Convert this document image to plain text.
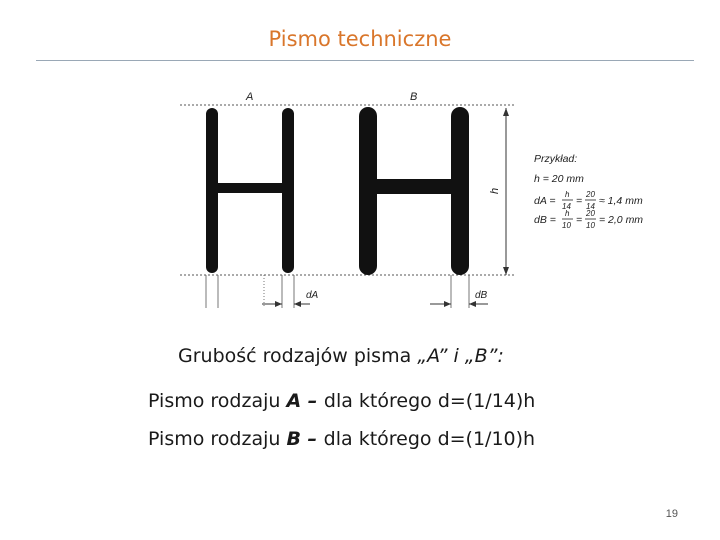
Pismo techniczne
A	B
h
dA	dB
Przykład:
h = 20 mm
dA =
h
14 =
20
14 ≈ 1,4 mm
dB =
h
10 =
20
10 = 2,0 mm
Grubość rodzajów pisma „A” i „B”:
Pismo rodzaju A – dla którego d=(1/14)h
Pismo rodzaju B – dla którego d=(1/10)h
19
